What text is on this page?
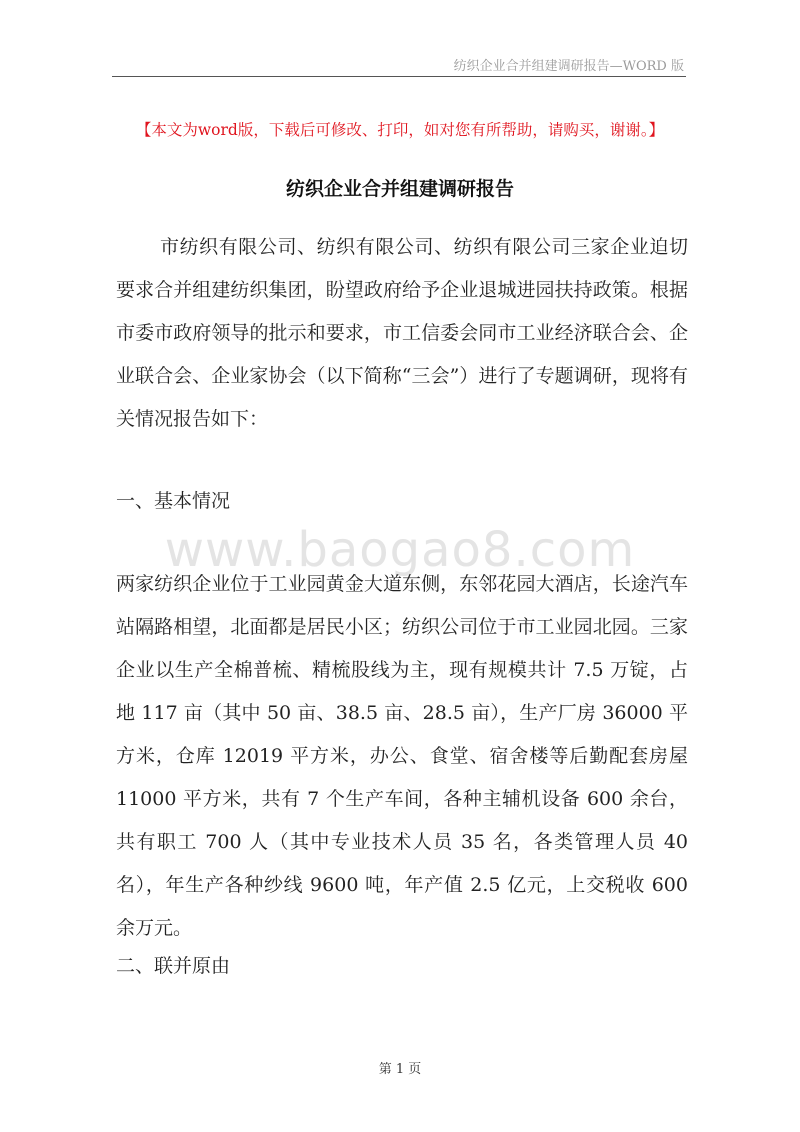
纺织企业合并组建调研报告—WORD 版
【本文为word版，下载后可修改、打印，如对您有所帮助，请购买，谢谢。】
纺织企业合并组建调研报告

市纺织有限公司、纺织有限公司、纺织有限公司三家企业迫切要求合并组建纺织集团，盼望政府给予企业退城进园扶持政策。根据市委市政府领导的批示和要求，市工信委会同市工业经济联合会、企业联合会、企业家协会（以下简称“三会”）进行了专题调研，现将有关情况报告如下：

一、基本情况

www.baogao8.com

两家纺织企业位于工业园黄金大道东侧，东邻花园大酒店，长途汽车站隔路相望，北面都是居民小区；纺织公司位于市工业园北园。三家企业以生产全棉普梳、精梳股线为主，现有规模共计 7.5 万锭，占地 117 亩（其中 50 亩、38.5 亩、28.5 亩），生产厂房 36000 平方米，仓库 12019 平方米，办公、食堂、宿舍楼等后勤配套房屋 11000 平方米，共有 7 个生产车间，各种主辅机设备 600 余台，共有职工 700 人（其中专业技术人员 35 名，各类管理人员 40 名），年生产各种纱线 9600 吨，年产值 2.5 亿元，上交税收 600 余万元。

二、联并原由

第 1 页
